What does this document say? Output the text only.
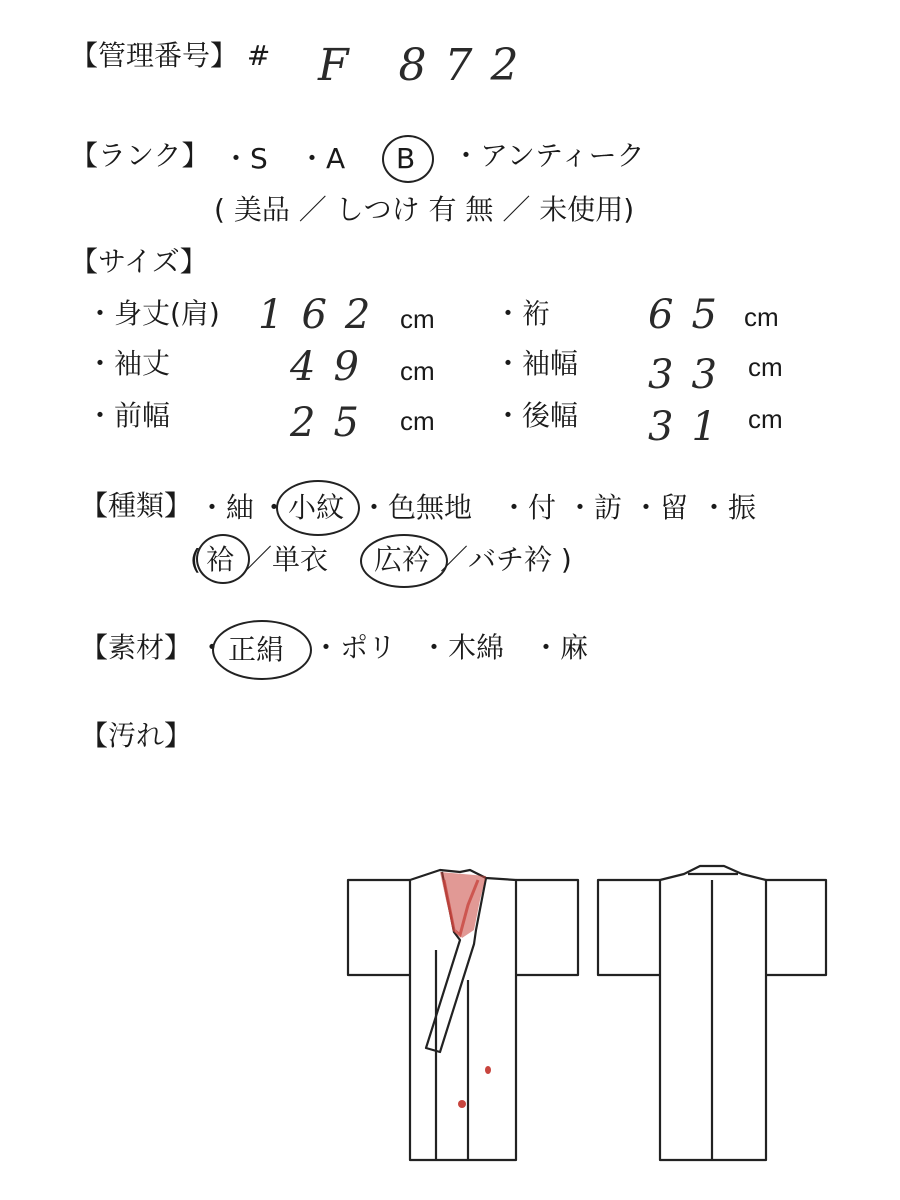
【管理番号】 # F 872
【ランク】 ・S ・A B ・アンティーク
( 美品 ／ しつけ 有 無 ／ 未使用)
【サイズ】
・身丈(肩) 162 cm ・裄 65 cm
・袖丈	49 cm ・袖幅 33 cm
・前幅	25 cm ・後幅 31 cm
【種類】 ・紬 ・ 小紋 ・色無地 ・付 ・訪 ・留 ・振
( 袷 ／単衣 広衿 ／バチ衿 )
【素材】 ・ 正絹 ・ポリ ・木綿 ・麻
【汚れ】
